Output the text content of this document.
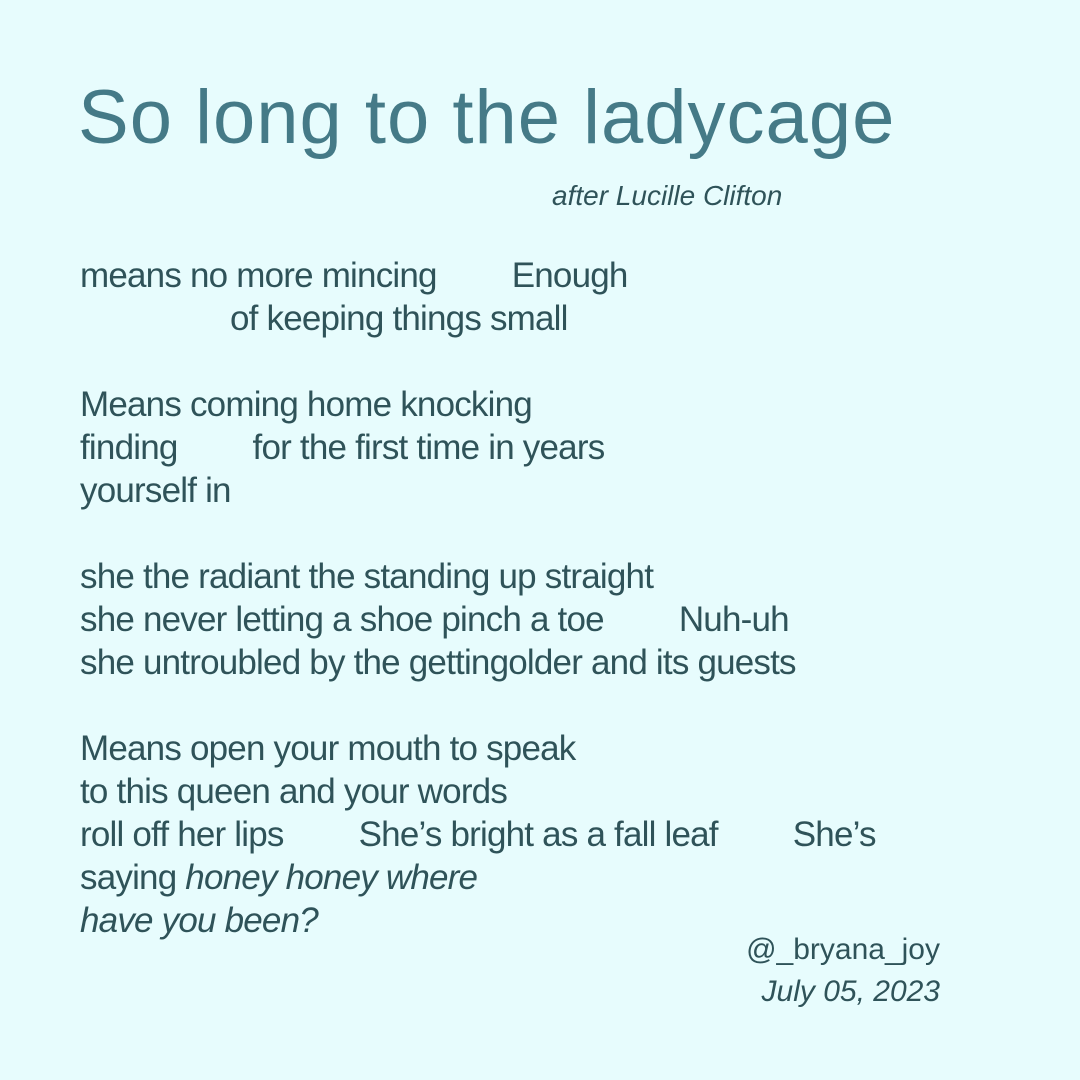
So long to the ladycage
after Lucille Clifton
means no more mincing Enough
of keeping things small
Means coming home knocking
finding for the first time in years
yourself in
she the radiant the standing up straight
she never letting a shoe pinch a toe Nuh-uh
she untroubled by the gettingolder and its guests
Means open your mouth to speak
to this queen and your words
roll off her lips She’s bright as a fall leaf She’s
saying honey honey where
have you been?
@_bryana_joy
July 05, 2023
